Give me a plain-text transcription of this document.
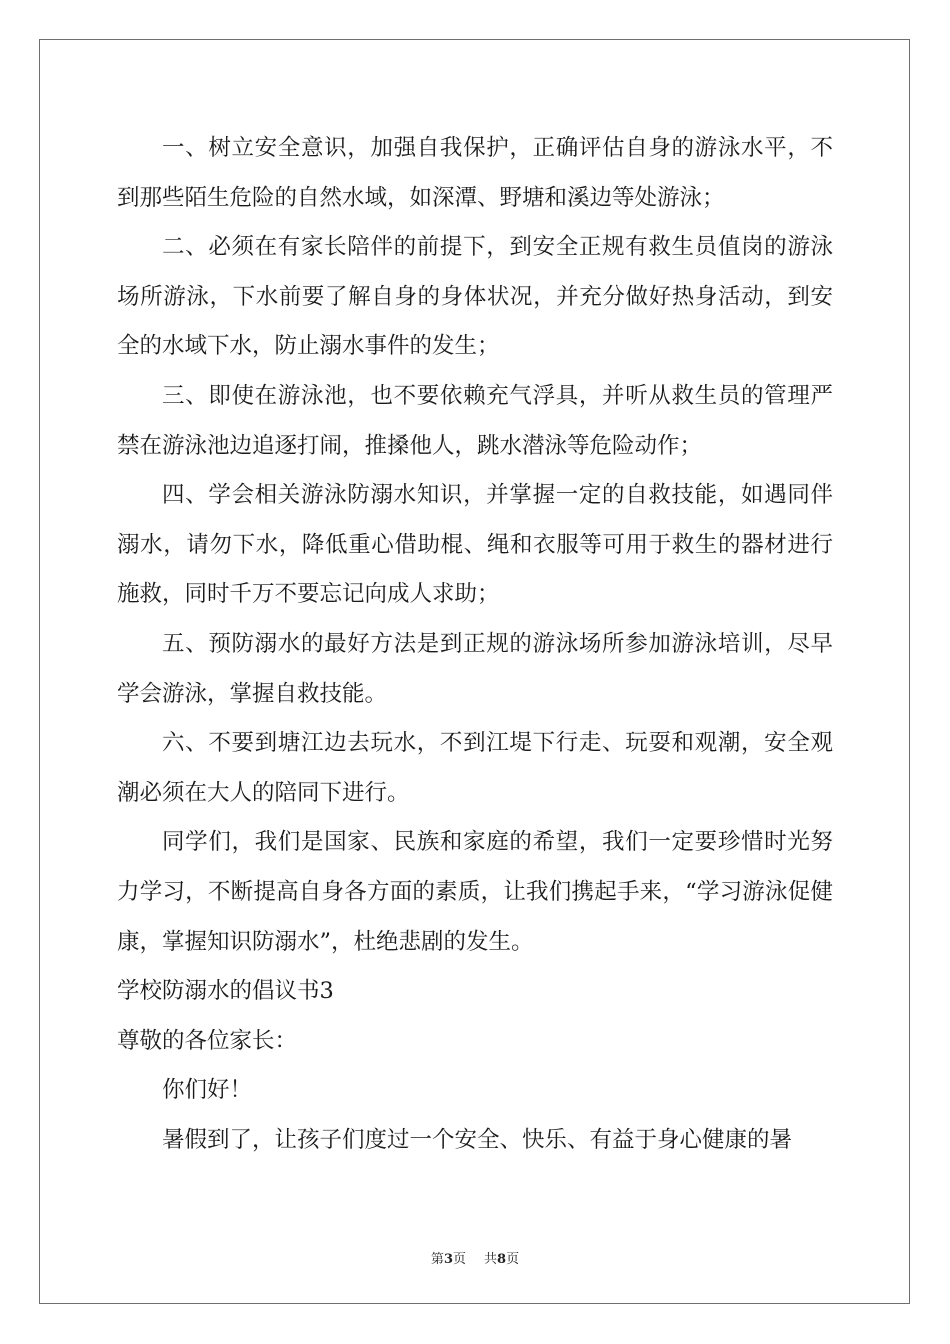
一、树立安全意识，加强自我保护，正确评估自身的游泳水平，不到那些陌生危险的自然水域，如深潭、野塘和溪边等处游泳；

二、必须在有家长陪伴的前提下，到安全正规有救生员值岗的游泳场所游泳，下水前要了解自身的身体状况，并充分做好热身活动，到安全的水域下水，防止溺水事件的发生；

三、即使在游泳池，也不要依赖充气浮具，并听从救生员的管理严禁在游泳池边追逐打闹，推搡他人，跳水潜泳等危险动作；

四、学会相关游泳防溺水知识，并掌握一定的自救技能，如遇同伴溺水，请勿下水，降低重心借助棍、绳和衣服等可用于救生的器材进行施救，同时千万不要忘记向成人求助；

五、预防溺水的最好方法是到正规的游泳场所参加游泳培训，尽早学会游泳，掌握自救技能。

六、不要到塘江边去玩水，不到江堤下行走、玩耍和观潮，安全观潮必须在大人的陪同下进行。

同学们，我们是国家、民族和家庭的希望，我们一定要珍惜时光努力学习，不断提高自身各方面的素质，让我们携起手来，“学习游泳促健康，掌握知识防溺水”，杜绝悲剧的发生。

学校防溺水的倡议书3

尊敬的各位家长：

你们好！

暑假到了，让孩子们度过一个安全、快乐、有益于身心健康的暑

第3页 共8页
